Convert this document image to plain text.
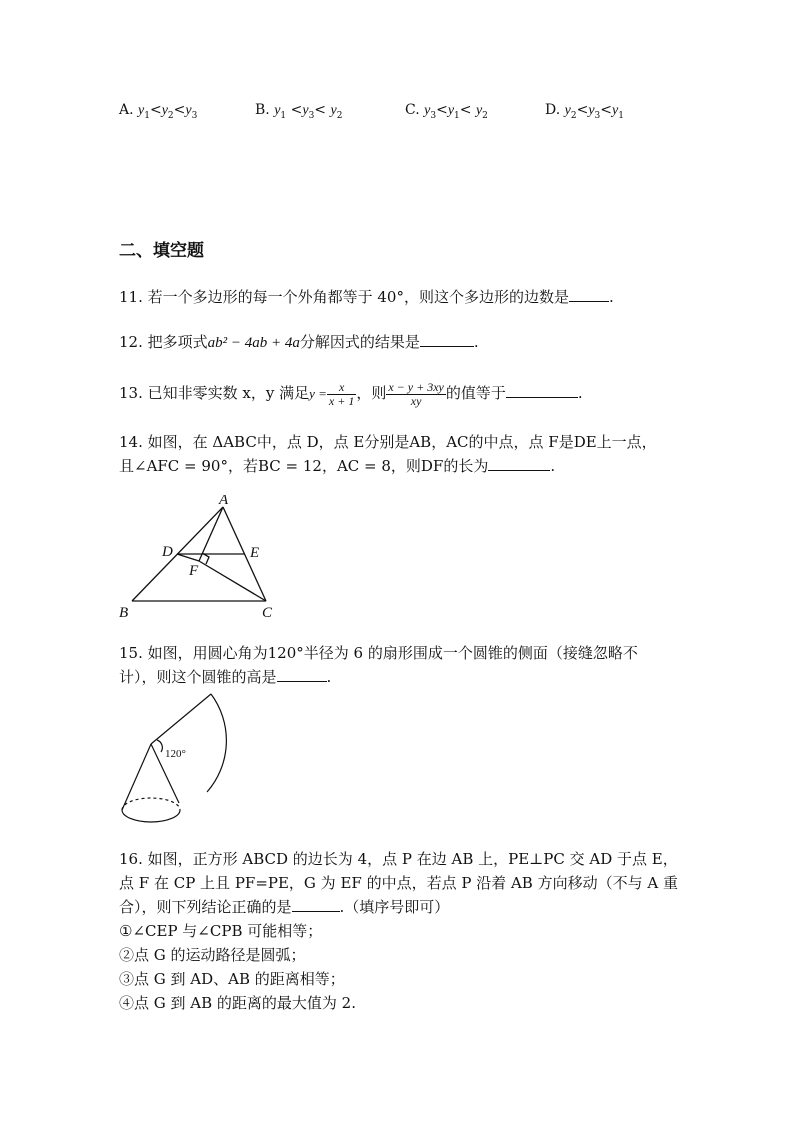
A. $y_1<y_2<y_3$	B. $y_1 <y_3< y_2$	C. $y_3<y_1< y_2$	D. $y_2<y_3<y_1$
二、填空题
11. 若一个多边形的每一个外角都等于 40°，则这个多边形的边数是	.
12. 把多项式ab² − 4ab + 4a分解因式的结果是	.
13. 已知非零实数 x，y 满足$y = \frac{x}{x + 1}$ ，则 $\frac{x - y + 3xy}{xy}$ 的值等于	.
14. 如图，在 ΔABC中，点 D，点 E分别是AB，AC的中点，点 F是DE上一点，
且∠AFC = 90°，若BC = 12，AC = 8，则DF的长为	.
A
B	C
D	E
F
15. 如图，用圆心角为120°半径为 6 的扇形围成一个圆锥的侧面（接缝忽略不
计），则这个圆锥的高是	.
120°
16. 如图，正方形 ABCD 的边长为 4，点 P 在边 AB 上，PE⊥PC 交 AD 于点 E，
点 F 在 CP 上且 PF=PE，G 为 EF 的中点，若点 P 沿着 AB 方向移动（不与 A 重
合），则下列结论正确的是	.（填序号即可）
①∠CEP 与∠CPB 可能相等；
②点 G 的运动路径是圆弧；
③点 G 到 AD、AB 的距离相等；
④点 G 到 AB 的距离的最大值为 2.
